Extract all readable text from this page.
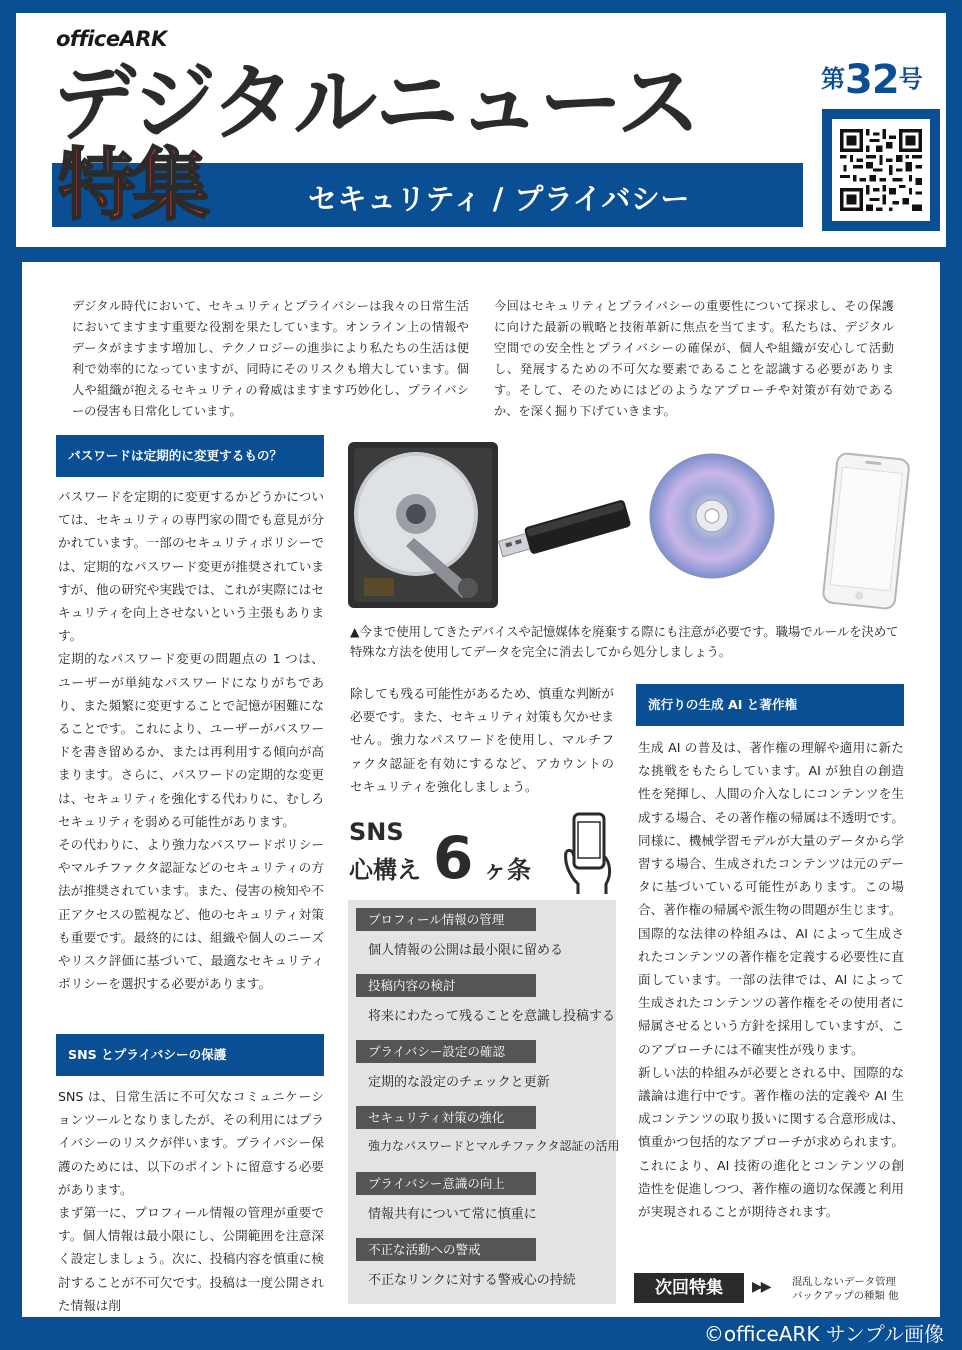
officeARK
デジタルニュース	第32号
セキュリティ / プライバシー
特集

デジタル時代において、セキュリティとプライバシーは我々の日常生活においてますます重要な役割を果たしています。オンライン上の情報やデータがますます増加し、テクノロジーの進歩により私たちの生活は便利で効率的になっていますが、同時にそのリスクも増大しています。個人や組織が抱えるセキュリティの脅威はますます巧妙化し、プライバシーの侵害も日常化しています。

今回はセキュリティとプライバシーの重要性について探求し、その保護に向けた最新の戦略と技術革新に焦点を当てます。私たちは、デジタル空間での安全性とプライバシーの確保が、個人や組織が安心して活動し、発展するための不可欠な要素であることを認識する必要があります。そして、そのためにはどのようなアプローチや対策が有効であるか、を深く掘り下げていきます。

パスワードは定期的に変更するもの？
パスワードを定期的に変更するかどうかについては、セキュリティの専門家の間でも意見が分かれています。一部のセキュリティポリシーでは、定期的なパスワード変更が推奨されていますが、他の研究や実践では、これが実際にはセキュリティを向上させないという主張もあります。
定期的なパスワード変更の問題点の 1 つは、ユーザーが単純なパスワードになりがちであり、また頻繁に変更することで記憶が困難になることです。これにより、ユーザーがパスワードを書き留めるか、または再利用する傾向が高まります。さらに、パスワードの定期的な変更は、セキュリティを強化する代わりに、むしろセキュリティを弱める可能性があります。
その代わりに、より強力なパスワードポリシーやマルチファクタ認証などのセキュリティの方法が推奨されています。また、侵害の検知や不正アクセスの監視など、他のセキュリティ対策も重要です。最終的には、組織や個人のニーズやリスク評価に基づいて、最適なセキュリティポリシーを選択する必要があります。
SNS とプライバシーの保護
SNS は、日常生活に不可欠なコミュニケーションツールとなりましたが、その利用にはプライバシーのリスクが伴います。プライバシー保護のためには、以下のポイントに留意する必要があります。
まず第一に、プロフィール情報の管理が重要です。個人情報は最小限にし、公開範囲を注意深く設定しましょう。次に、投稿内容を慎重に検討することが不可欠です。投稿は一度公開された情報は削

▲今まで使用してきたデバイスや記憶媒体を廃棄する際にも注意が必要です。職場でルールを決めて特殊な方法を使用してデータを完全に消去してから処分しましょう。

除しても残る可能性があるため、慎重な判断が必要です。また、セキュリティ対策も欠かせません。強力なパスワードを使用し、マルチファクタ認証を有効にするなど、アカウントのセキュリティを強化しましょう。
SNS
心構え 6 ヶ条
プロフィール情報の管理
個人情報の公開は最小限に留める
投稿内容の検討
将来にわたって残ることを意識し投稿する
プライバシー設定の確認
定期的な設定のチェックと更新
セキュリティ対策の強化
強力なパスワードとマルチファクタ認証の活用
プライバシー意識の向上
情報共有について常に慎重に
不正な活動への警戒
不正なリンクに対する警戒心の持続
流行りの生成 AI と著作権
生成 AI の普及は、著作権の理解や適用に新たな挑戦をもたらしています。AI が独自の創造性を発揮し、人間の介入なしにコンテンツを生成する場合、その著作権の帰属は不透明です。同様に、機械学習モデルが大量のデータから学習する場合、生成されたコンテンツは元のデータに基づいている可能性があります。この場合、著作権の帰属や派生物の問題が生じます。
国際的な法律の枠組みは、AI によって生成されたコンテンツの著作権を定義する必要性に直面しています。一部の法律では、AI によって生成されたコンテンツの著作権をその使用者に帰属させるという方針を採用していますが、このアプローチには不確実性が残ります。
新しい法的枠組みが必要とされる中、国際的な議論は進行中です。著作権の法的定義や AI 生成コンテンツの取り扱いに関する合意形成は、慎重かつ包括的なアプローチが求められます。これにより、AI 技術の進化とコンテンツの創造性を促進しつつ、著作権の適切な保護と利用が実現されることが期待されます。
次回特集	▶▶ 混乱しないデータ管理
バックアップの種類 他
©officeARK サンプル画像
